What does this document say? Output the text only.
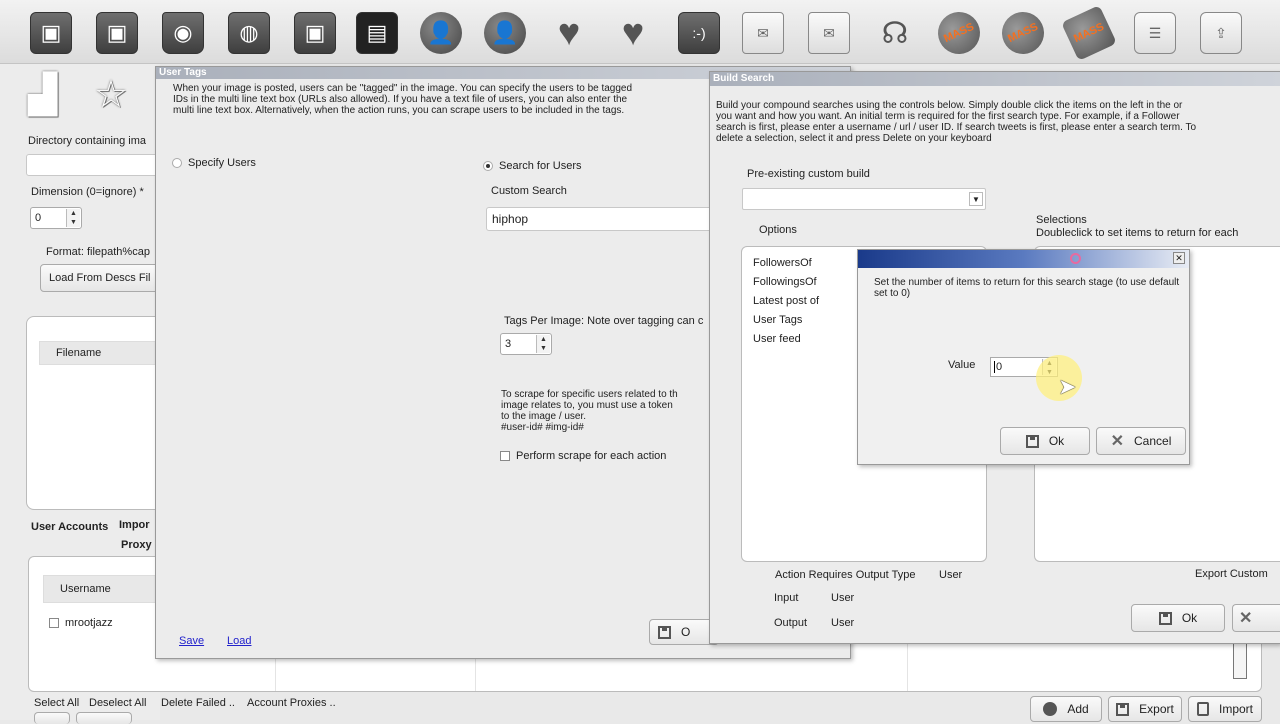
▣	▣	◉	◍	▣	▤	👤	👤 ♥ ♥	:-)	✉	✉	☊	MASS	MASS	MASS	☰	⇪
▟ ☆
Directory containing ima
Dimension (0=ignore) *
0	▲
▼
Format: filepath%cap
Load From Descs Fil
Filename
User Accounts Impor
Proxy
Username
mrootjazz
Select All Deselect All Delete Failed .. Account Proxies ..	Add	Export	Import
User Tags
When your image is posted, users can be "tagged" in the image. You can specify the users to be tagged
IDs in the multi line text box (URLs also allowed). If you have a text file of users, you can also enter the
multi line text box. Alternatively, when the action runs, you can scrape users to be included in the tags.
Specify Users	Search for Users
Custom Search
hiphop
Tags Per Image: Note over tagging can c
3	▲
▼
To scrape for specific users related to th
image relates to, you must use a token
to the image / user.
#user-id# #img-id#
Perform scrape for each action
Save Load
O
Build Search
Build your compound searches using the controls below. Simply double click the items on the left in the or
you want and how you want. An initial term is required for the first search type. For example, if a Follower
search is first, please enter a username / url / user ID. If search tweets is first, please enter a search term. To
delete a selection, select it and press Delete on your keyboard
Pre-existing custom build
▼
Options
Selections
Doubleclick to set items to return for each
FollowersOf
FollowingsOf
Latest post of
User Tags
User feed
Action Requires Output Type User
Input	User
Output User
Export Custom
Ok	✕
✕
Set the number of items to return for this search stage (to use default set to 0)
Value 0

➤
Ok	✕ Cancel
